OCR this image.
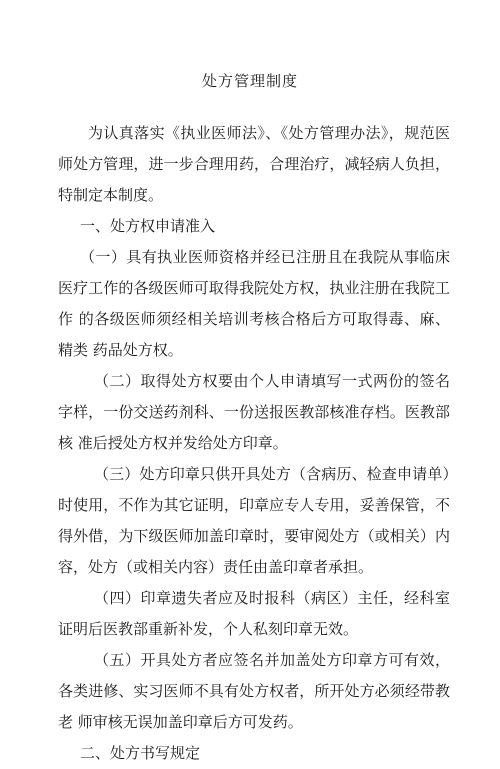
处方管理制度

为认真落实《执业医师法》、《处方管理办法》，规范医师处方管理，进一步合理用药，合理治疗，减轻病人负担，特制定本制度。

一、处方权申请准入

（一）具有执业医师资格并经已注册且在我院从事临床医疗工作的各级医师可取得我院处方权，执业注册在我院工作 的各级医师须经相关培训考核合格后方可取得毒、麻、精类 药品处方权。

（二）取得处方权要由个人申请填写一式两份的签名字样，一份交送药剂科、一份送报医教部核准存档。医教部核 准后授处方权并发给处方印章。

（三）处方印章只供开具处方（含病历、检查申请单）时使用，不作为其它证明，印章应专人专用，妥善保管，不 得外借，为下级医师加盖印章时，要审阅处方（或相关）内 容，处方（或相关内容）责任由盖印章者承担。

（四）印章遗失者应及时报科（病区）主任，经科室证明后医教部重新补发，个人私刻印章无效。

（五）开具处方者应签名并加盖处方印章方可有效，各类进修、实习医师不具有处方权者，所开处方必须经带教老 师审核无误加盖印章后方可发药。

二、处方书写规定
